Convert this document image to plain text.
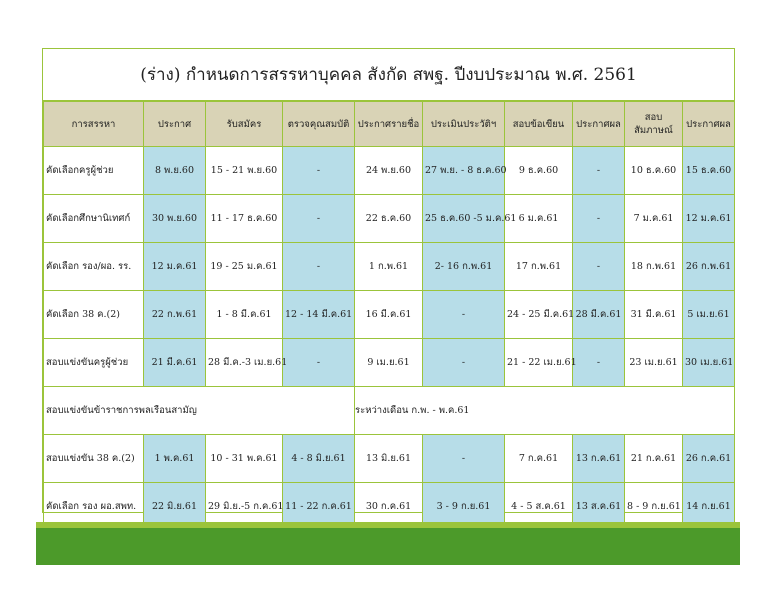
(ร่าง) กำหนดการสรรหาบุคคล สังกัด สพฐ. ปีงบประมาณ พ.ศ. 2561
การสรรหา	ประกาศ	รับสมัคร	ตรวจคุณสมบัติ	ประกาศรายชื่อ	ประเมินประวัติฯ	สอบข้อเขียน	ประกาศผล	สอบ สัมภาษณ์	ประกาศผล
คัดเลือกครูผู้ช่วย	8 พ.ย.60	15 - 21 พ.ย.60	-	24 พ.ย.60	27 พ.ย. - 8 ธ.ค.60	9 ธ.ค.60	-	10 ธ.ค.60	15 ธ.ค.60
คัดเลือกศึกษานิเทศก์	30 พ.ย.60	11 - 17 ธ.ค.60	-	22 ธ.ค.60	25 ธ.ค.60 -5 ม.ค.61	6 ม.ค.61	-	7 ม.ค.61	12 ม.ค.61
คัดเลือก รอง/ผอ. รร.	12 ม.ค.61	19 - 25 ม.ค.61	-	1 ก.พ.61	2- 16 ก.พ.61	17 ก.พ.61	-	18 ก.พ.61	26 ก.พ.61
คัดเลือก 38 ค.(2)	22 ก.พ.61	1 - 8 มี.ค.61	12 - 14 มี.ค.61	16 มี.ค.61	-	24 - 25 มี.ค.61	28 มี.ค.61	31 มี.ค.61	5 เม.ย.61
สอบแข่งขันครูผู้ช่วย	21 มี.ค.61	28 มี.ค.-3 เม.ย.61	-	9 เม.ย.61	-	21 - 22 เม.ย.61	-	23 เม.ย.61	30 เม.ย.61
สอบแข่งขันข้าราชการพลเรือนสามัญ				ระหว่างเดือน ก.พ. - พ.ค.61					
สอบแข่งขัน 38 ค.(2)	1 พ.ค.61	10 - 31 พ.ค.61	4 - 8 มิ.ย.61	13 มิ.ย.61	-	7 ก.ค.61	13 ก.ค.61	21 ก.ค.61	26 ก.ค.61
คัดเลือก รอง ผอ.สพท.	22 มิ.ย.61	29 มิ.ย.-5 ก.ค.61	11 - 22 ก.ค.61	30 ก.ค.61	3 - 9 ก.ย.61	4 - 5 ส.ค.61	13 ส.ค.61	8 - 9 ก.ย.61	14 ก.ย.61
